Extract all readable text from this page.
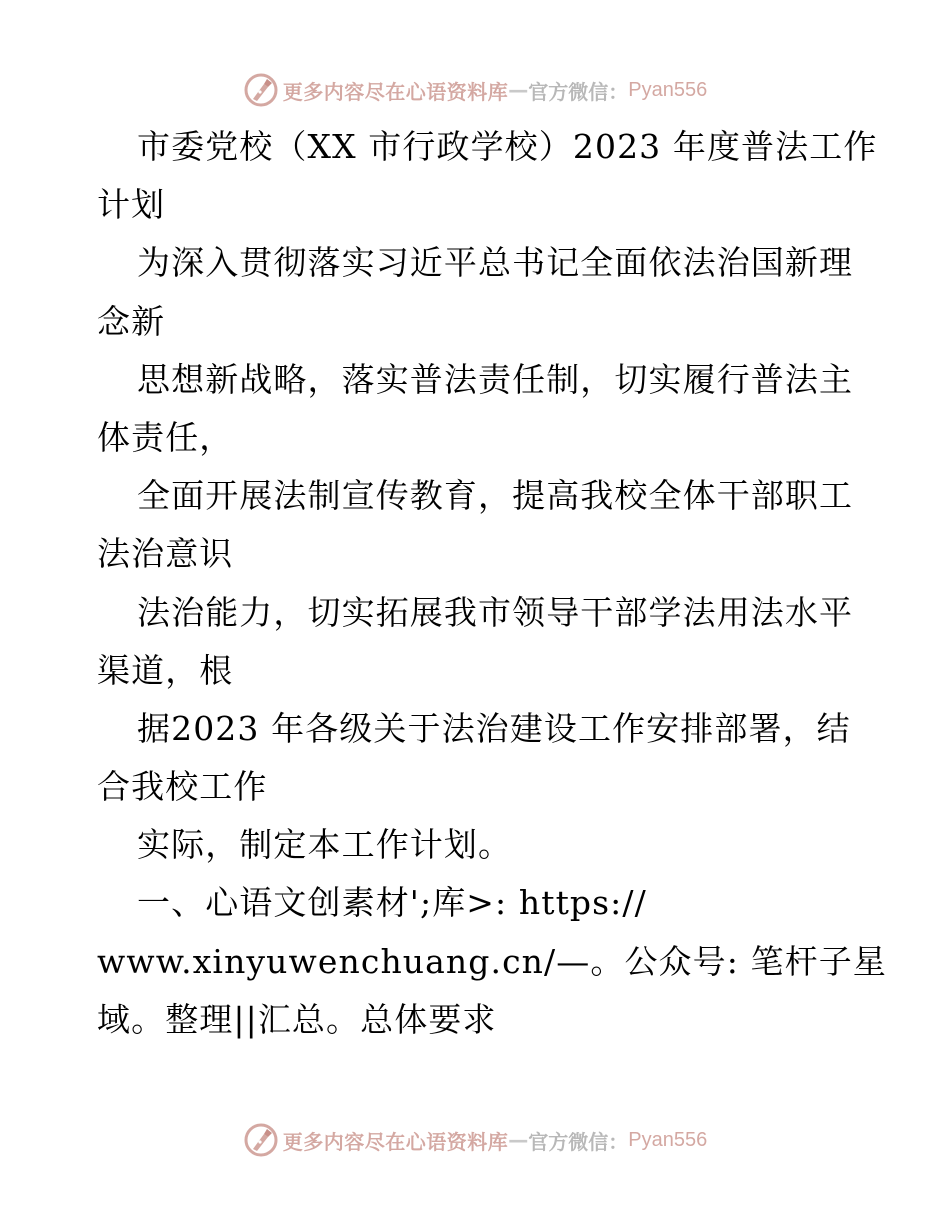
更多内容尽在心语资料库 — 官方微信： Pyan556
市委党校（XX 市行政学校）2023 年度普法工作
计划
为深入贯彻落实习近平总书记全面依法治国新理
念新
思想新战略，落实普法责任制，切实履行普法主
体责任，
全面开展法制宣传教育，提高我校全体干部职工
法治意识
法治能力，切实拓展我市领导干部学法用法水平
渠道，根
据2023 年各级关于法治建设工作安排部署，结
合我校工作
实际，制定本工作计划。
一、心语文创素材';库>: https://
www.xinyuwenchuang.cn/—。公众号: 笔杆子星
域。整理||汇总。总体要求
更多内容尽在心语资料库 — 官方微信： Pyan556
